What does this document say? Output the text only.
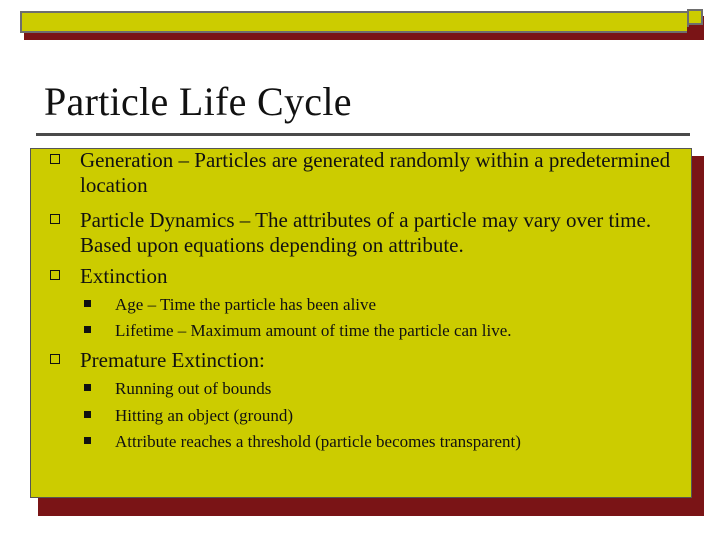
Particle Life Cycle
Generation – Particles are generated randomly within a predetermined location
Particle Dynamics – The attributes of a particle may vary over time. Based upon equations depending on attribute.
Extinction
Age – Time the particle has been alive
Lifetime – Maximum amount of time the particle can live.
Premature Extinction:
Running out of bounds
Hitting an object (ground)
Attribute reaches a threshold (particle becomes transparent)
